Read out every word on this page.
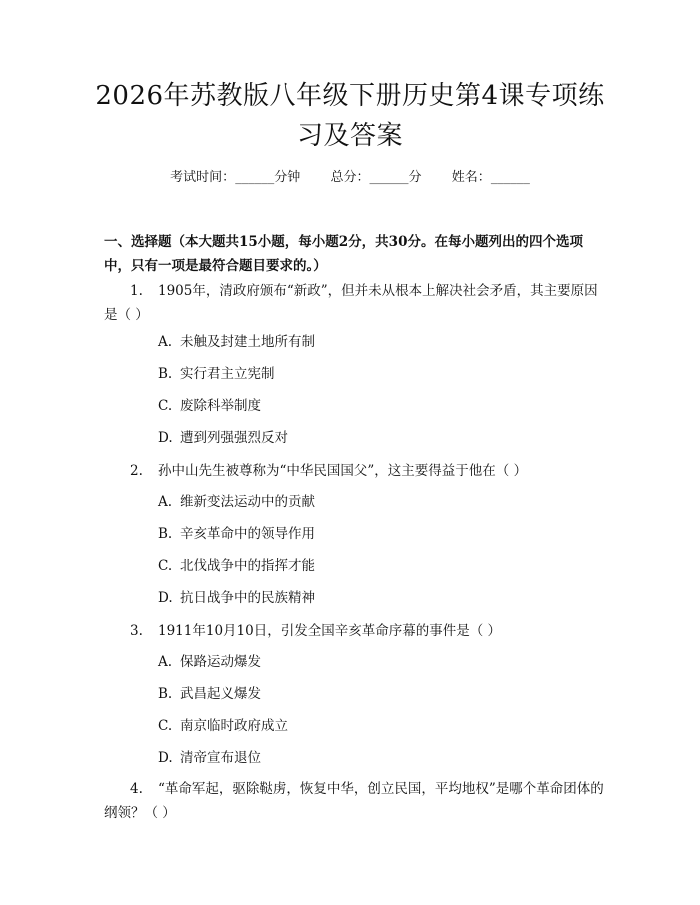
2026年苏教版八年级下册历史第4课专项练习及答案
考试时间：______分钟 总分：______分 姓名：______
一、选择题（本大题共15小题，每小题2分，共30分。在每小题列出的四个选项中，只有一项是最符合题目要求的。）
1. 1905年，清政府颁布“新政”，但并未从根本上解决社会矛盾，其主要原因是（ ）
A. 未触及封建土地所有制
B. 实行君主立宪制
C. 废除科举制度
D. 遭到列强强烈反对
2. 孙中山先生被尊称为“中华民国国父”，这主要得益于他在（ ）
A. 维新变法运动中的贡献
B. 辛亥革命中的领导作用
C. 北伐战争中的指挥才能
D. 抗日战争中的民族精神
3. 1911年10月10日，引发全国辛亥革命序幕的事件是（ ）
A. 保路运动爆发
B. 武昌起义爆发
C. 南京临时政府成立
D. 清帝宣布退位
4. “革命军起，驱除鞑虏，恢复中华，创立民国，平均地权”是哪个革命团体的纲领？（ ）
